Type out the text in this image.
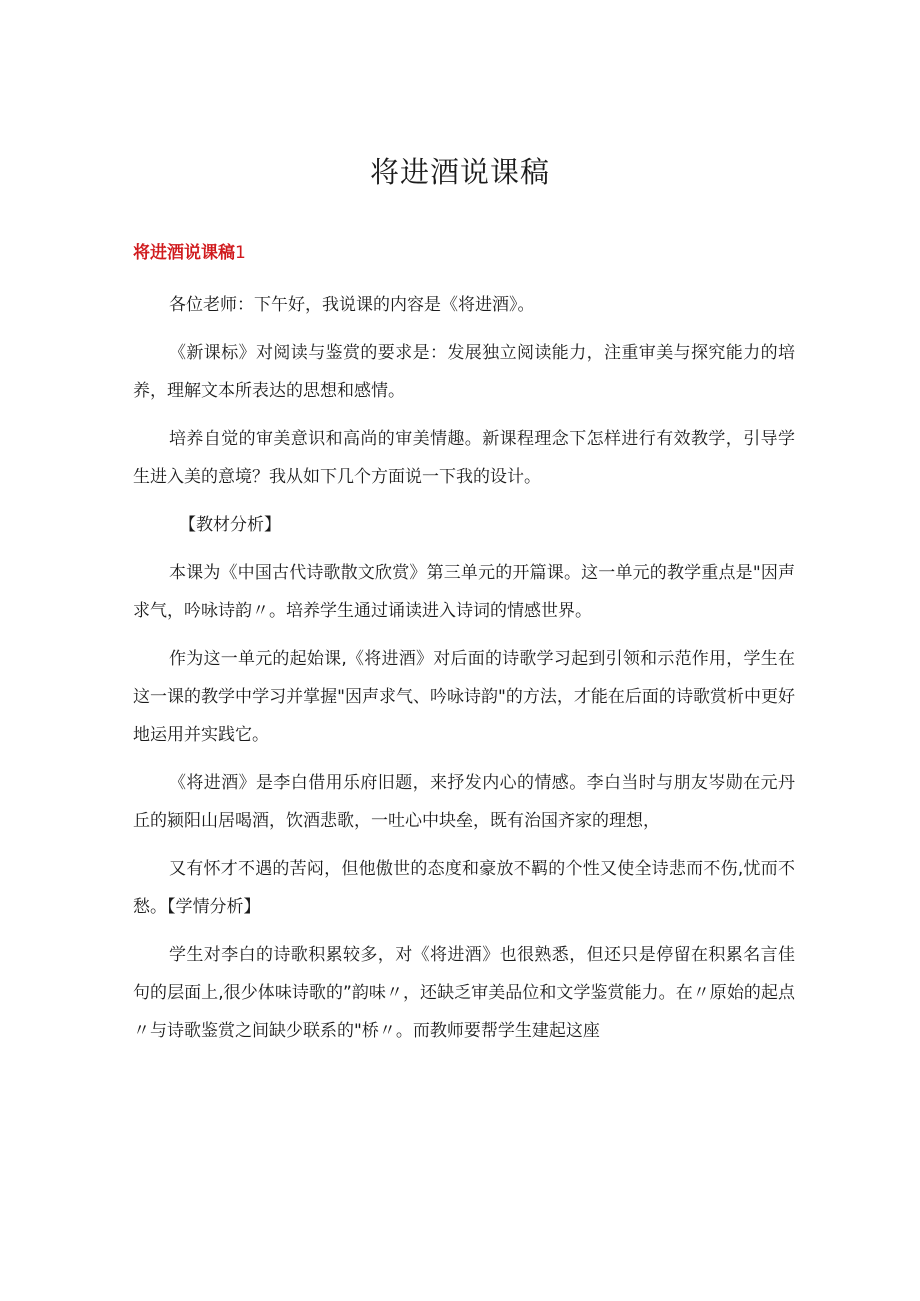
将进酒说课稿
将进酒说课稿1

各位老师：下午好，我说课的内容是《将进酒》。

《新课标》对阅读与鉴赏的要求是：发展独立阅读能力，注重审美与探究能力的培养，理解文本所表达的思想和感情。

培养自觉的审美意识和高尚的审美情趣。新课程理念下怎样进行有效教学，引导学生进入美的意境？我从如下几个方面说一下我的设计。

【教材分析】

本课为《中国古代诗歌散文欣赏》第三单元的开篇课。这一单元的教学重点是"因声求气，吟咏诗韵〃。培养学生通过诵读进入诗词的情感世界。

作为这一单元的起始课,《将进酒》对后面的诗歌学习起到引领和示范作用，学生在这一课的教学中学习并掌握"因声求气、吟咏诗韵"的方法，才能在后面的诗歌赏析中更好地运用并实践它。

《将进酒》是李白借用乐府旧题，来抒发内心的情感。李白当时与朋友岑勋在元丹丘的颍阳山居喝酒，饮酒悲歌，一吐心中块垒，既有治国齐家的理想，

又有怀才不遇的苦闷，但他傲世的态度和豪放不羁的个性又使全诗悲而不伤,忧而不愁。【学情分析】

学生对李白的诗歌积累较多，对《将进酒》也很熟悉，但还只是停留在积累名言佳句的层面上,很少体味诗歌的”韵味〃，还缺乏审美品位和文学鉴赏能力。在〃原始的起点〃与诗歌鉴赏之间缺少联系的"桥〃。而教师要帮学生建起这座
